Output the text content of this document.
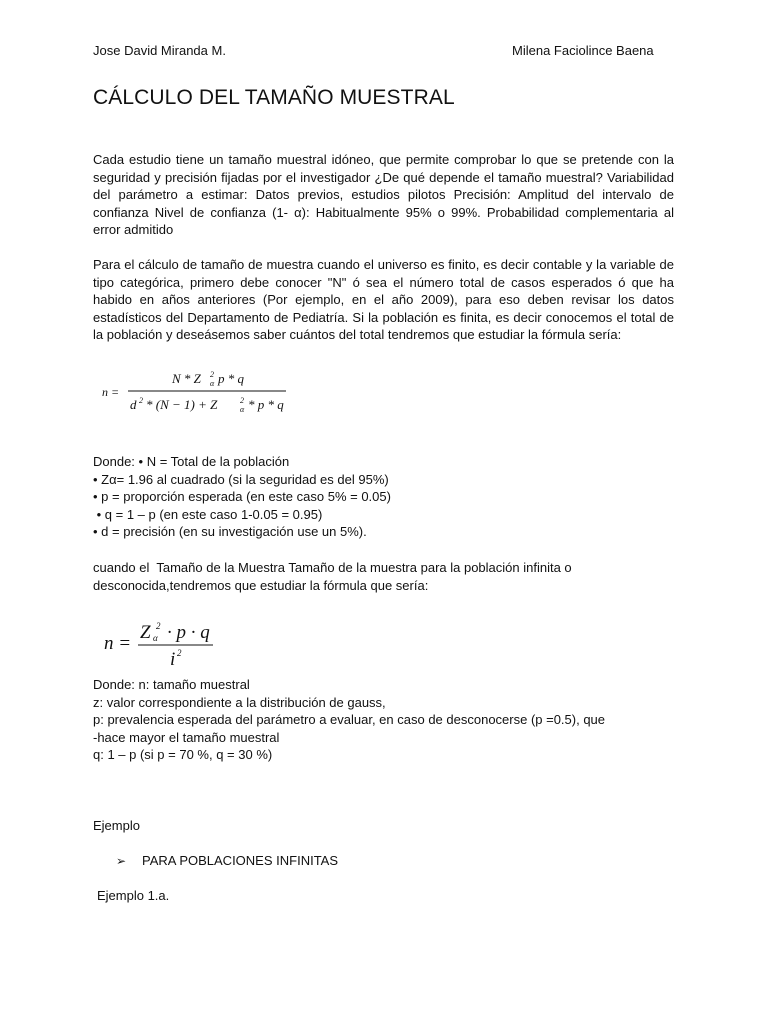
Jose David Miranda M.	Milena Faciolince Baena
CÁLCULO DEL TAMAÑO MUESTRAL

Cada estudio tiene un tamaño muestral idóneo, que permite comprobar lo que se pretende con la seguridad y precisión fijadas por el investigador ¿De qué depende el tamaño muestral? Variabilidad del parámetro a estimar: Datos previos, estudios pilotos Precisión: Amplitud del intervalo de confianza Nivel de confianza (1- α): Habitualmente 95% o 99%. Probabilidad complementaria al error admitido

Para el cálculo de tamaño de muestra cuando el universo es finito, es decir contable y la variable de tipo categórica, primero debe conocer "N" ó sea el número total de casos esperados ó que ha habido en años anteriores (Por ejemplo, en el año 2009), para eso deben revisar los datos estadísticos del Departamento de Pediatría. Si la población es finita, es decir conocemos el total de la población y deseásemos saber cuántos del total tendremos que estudiar la fórmula sería:

n =
N * Z 2
α p * q
d 2 * (N − 1) + Z	2
α * p * q
Donde: • N = Total de la población
• Zα= 1.96 al cuadrado (si la seguridad es del 95%)
• p = proporción esperada (en este caso 5% = 0.05)
• q = 1 – p (en este caso 1-0.05 = 0.95)
• d = precisión (en su investigación use un 5%).
cuando el  Tamaño de la Muestra Tamaño de la muestra para la población infinita o
desconocida,tendremos que estudiar la fórmula que sería:
n =
Z 2
α · p · q
i 2
Donde: n: tamaño muestral
z: valor correspondiente a la distribución de gauss,
p: prevalencia esperada del parámetro a evaluar, en caso de desconocerse (p =0.5), que
-hace mayor el tamaño muestral
q: 1 – p (si p = 70 %, q = 30 %)
Ejemplo
➢ PARA POBLACIONES INFINITAS
Ejemplo 1.a.
